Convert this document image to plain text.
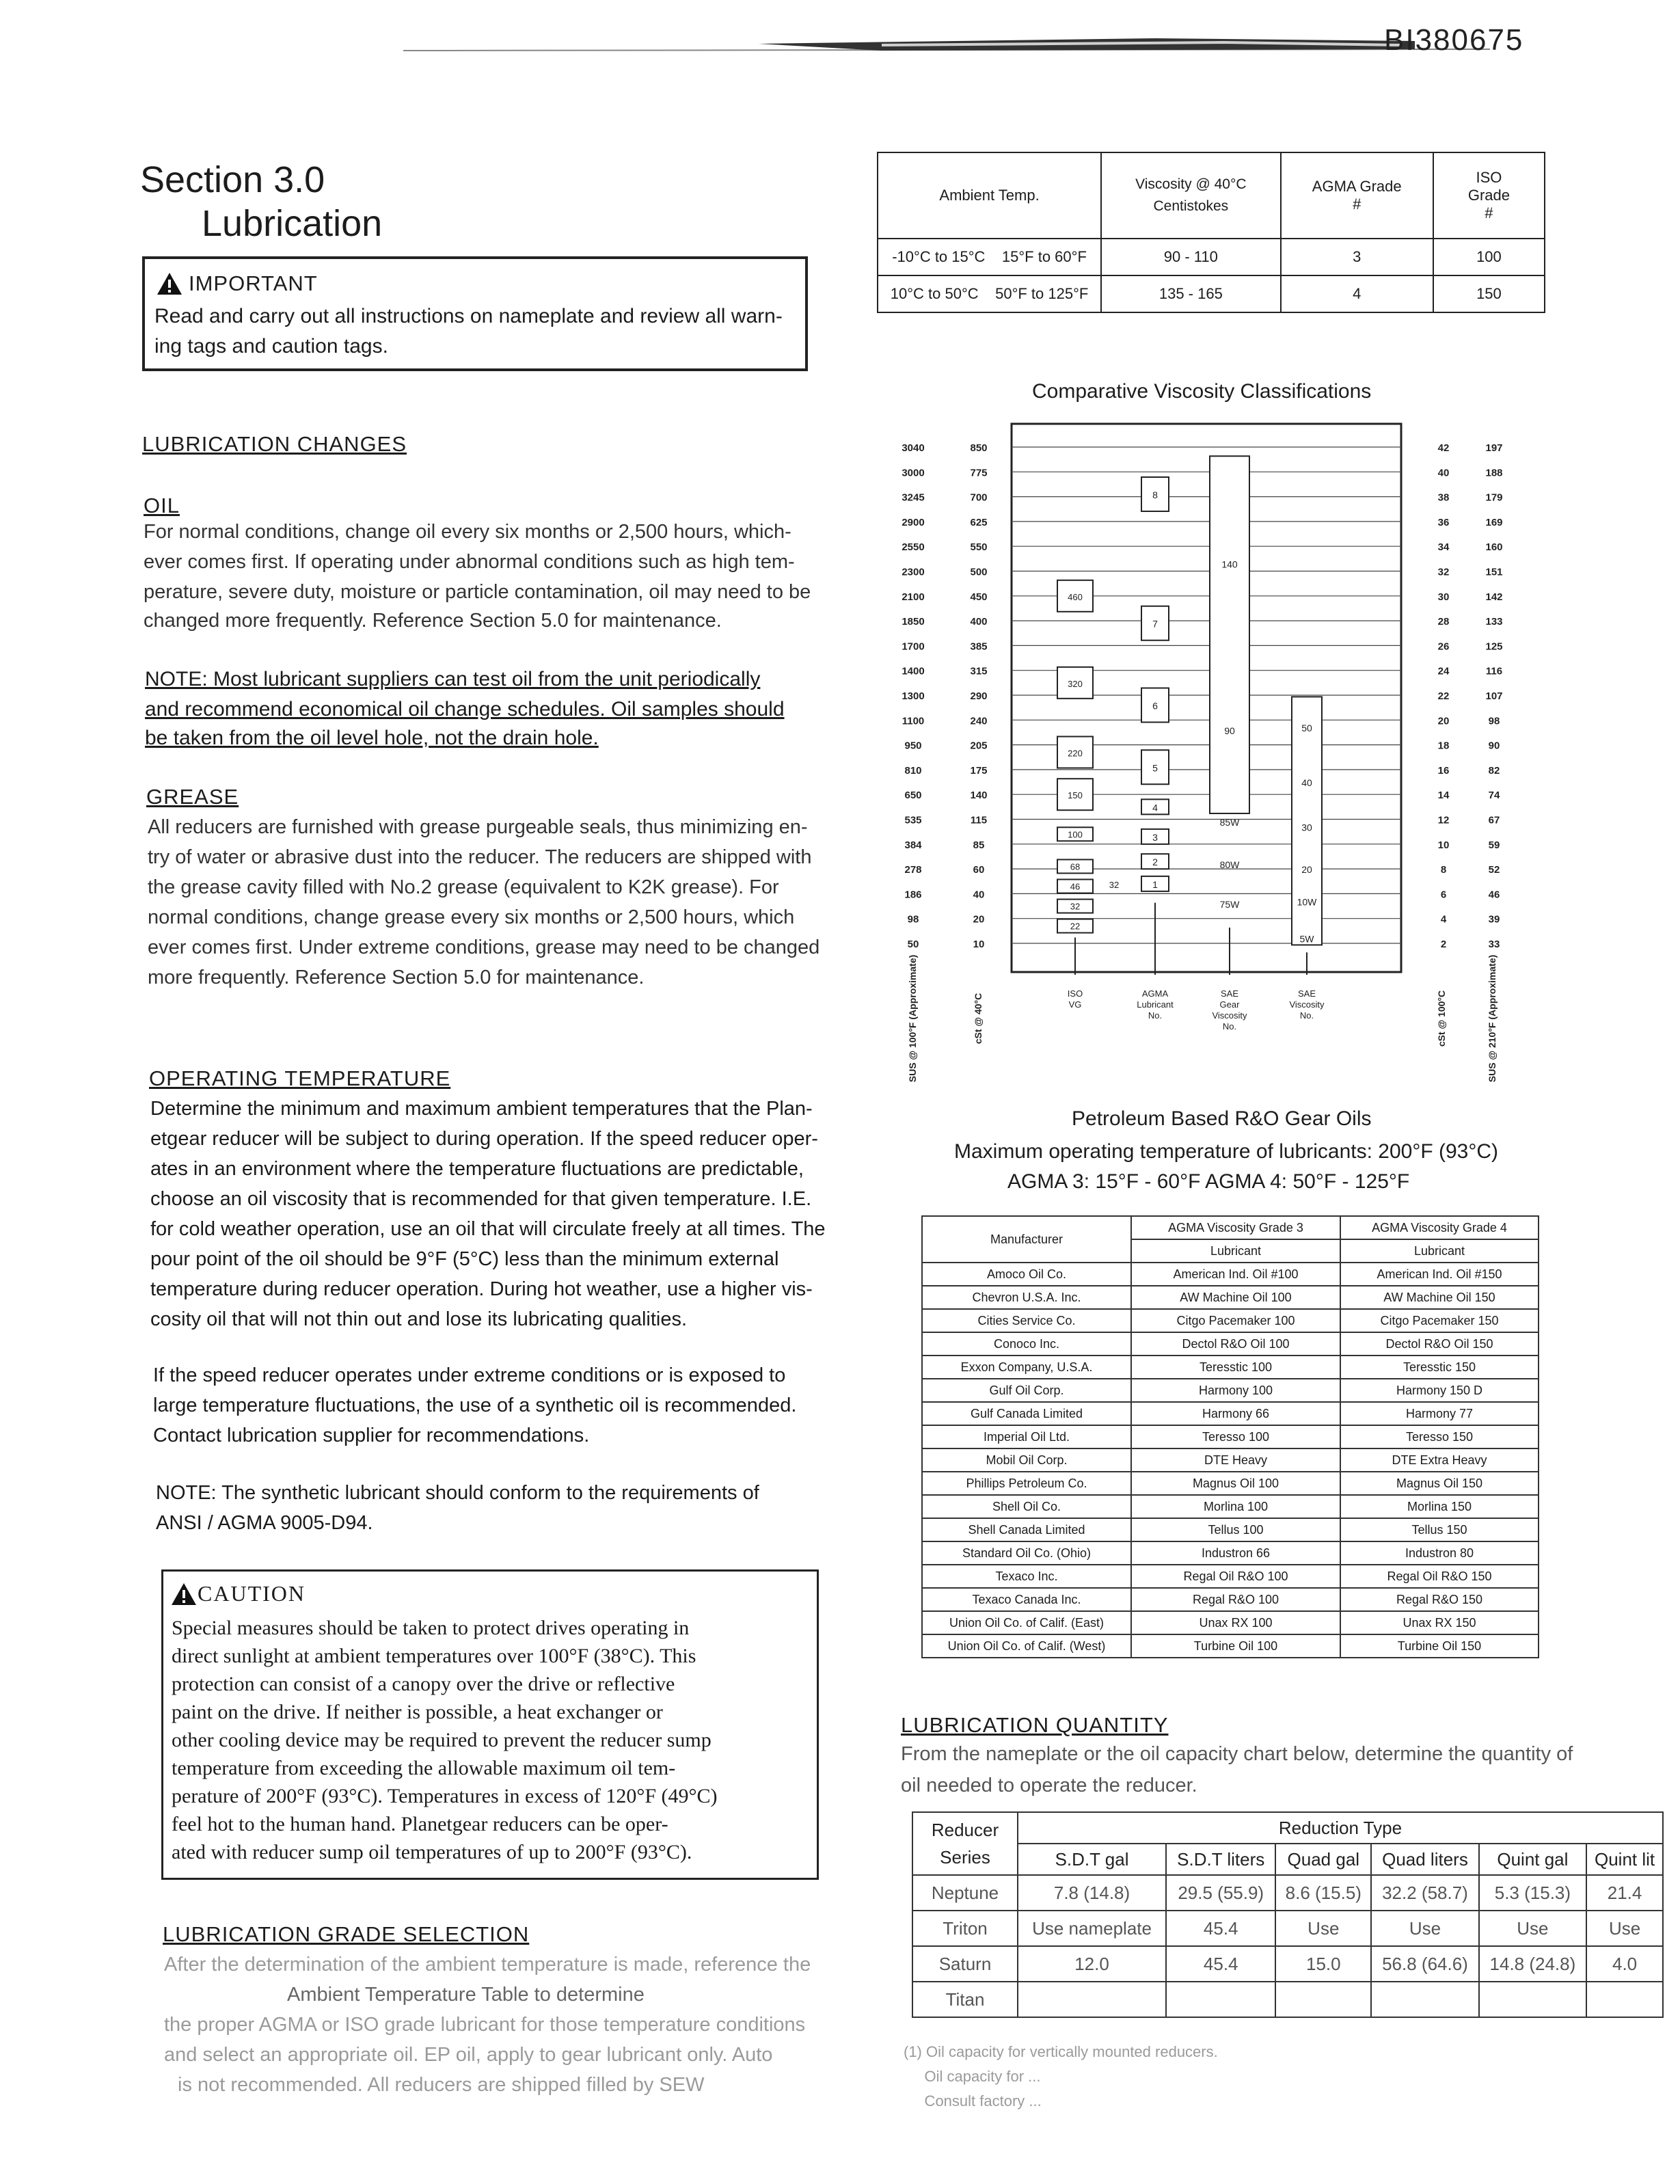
BI380675
Section 3.0
Lubrication
IMPORTANT
Read and carry out all instructions on nameplate and review all warn-
ing tags and caution tags.
LUBRICATION CHANGES
OIL
For normal conditions, change oil every six months or 2,500 hours, which-
ever comes first. If operating under abnormal conditions such as high tem-
perature, severe duty, moisture or particle contamination, oil may need to be
changed more frequently. Reference Section 5.0 for maintenance.
NOTE: Most lubricant suppliers can test oil from the unit periodically
and recommend economical oil change schedules. Oil samples should
be taken from the oil level hole, not the drain hole.
GREASE
All reducers are furnished with grease purgeable seals, thus minimizing en-
try of water or abrasive dust into the reducer. The reducers are shipped with
the grease cavity filled with No.2 grease (equivalent to K2K grease). For
normal conditions, change grease every six months or 2,500 hours, which
ever comes first. Under extreme conditions, grease may need to be changed
more frequently. Reference Section 5.0 for maintenance.
OPERATING TEMPERATURE
Determine the minimum and maximum ambient temperatures that the Plan-
etgear reducer will be subject to during operation. If the speed reducer oper-
ates in an environment where the temperature fluctuations are predictable,
choose an oil viscosity that is recommended for that given temperature. I.E.
for cold weather operation, use an oil that will circulate freely at all times. The
pour point of the oil should be 9°F (5°C) less than the minimum external
temperature during reducer operation. During hot weather, use a higher vis-
cosity oil that will not thin out and lose its lubricating qualities.
If the speed reducer operates under extreme conditions or is exposed to
large temperature fluctuations, the use of a synthetic oil is recommended.
Contact lubrication supplier for recommendations.
NOTE: The synthetic lubricant should conform to the requirements of
ANSI / AGMA 9005-D94.
CAUTION
Special measures should be taken to protect drives operating in
direct sunlight at ambient temperatures over 100°F (38°C). This
protection can consist of a canopy over the drive or reflective
paint on the drive. If neither is possible, a heat exchanger or
other cooling device may be required to prevent the reducer sump
temperature from exceeding the allowable maximum oil tem-
perature of 200°F (93°C). Temperatures in excess of 120°F (49°C)
feel hot to the human hand. Planetgear reducers can be oper-
ated with reducer sump oil temperatures of up to 200°F (93°C).
LUBRICATION GRADE SELECTION
After the determination of the ambient temperature is made, reference the
Ambient Temperature Table to determine
the proper AGMA or ISO grade lubricant for those temperature conditions
and select an appropriate oil. EP oil, apply to gear lubricant only. Auto
is not recommended. All reducers are shipped filled by SEW
Ambient Temp.	Viscosity @ 40°C Centistokes	AGMA Grade #	ISO Grade #
-10°C to 15°C 15°F to 60°F	90 - 110	3	100
10°C to 50°C 50°F to 125°F	135 - 165	4	150
Comparative Viscosity Classifications
3040
3000
3245
2900
2550
2300
2100
1850
1700
1400
1300
1100
950
810
650
535
384
278
186
98
50
850
775
700
625
550
500
450
400
385
315
290
240
205
175
140
115
85
60
40
20
10
42
40
38
36
34
32
30
28
26
24
22
20
18
16
14
12
10
8
6
4
2
197
188
179
169
160
151
142
133
125
116
107
98
90
82
74
67
59
52
46
39
33
460
320
220
150
100
68
46
32
22
8
7
6
5
4
3
2
1
32
140
90
85W
80W
75W
50
40
30
20
10W
5W
ISO VG
AGMA Lubricant No.
SAE Gear Viscosity No.
SAE Viscosity No.
SUS @ 100°F (Approximate)	cSt @ 40°C	cSt @ 100°C	SUS @ 210°F (Approximate)
Petroleum Based R&O Gear Oils
Maximum operating temperature of lubricants: 200°F (93°C)
AGMA 3: 15°F - 60°F AGMA 4: 50°F - 125°F
Manufacturer	AGMA Viscosity Grade 3	AGMA Viscosity Grade 4
	Lubricant	Lubricant
Amoco Oil Co.	American Ind. Oil #100	American Ind. Oil #150
Chevron U.S.A. Inc.	AW Machine Oil 100	AW Machine Oil 150
Cities Service Co.	Citgo Pacemaker 100	Citgo Pacemaker 150
Conoco Inc.	Dectol R&O Oil 100	Dectol R&O Oil 150
Exxon Company, U.S.A.	Teresstic 100	Teresstic 150
Gulf Oil Corp.	Harmony 100	Harmony 150 D
Gulf Canada Limited	Harmony 66	Harmony 77
Imperial Oil Ltd.	Teresso 100	Teresso 150
Mobil Oil Corp.	DTE Heavy	DTE Extra Heavy
Phillips Petroleum Co.	Magnus Oil 100	Magnus Oil 150
Shell Oil Co.	Morlina 100	Morlina 150
Shell Canada Limited	Tellus 100	Tellus 150
Standard Oil Co. (Ohio)	Industron 66	Industron 80
Texaco Inc.	Regal Oil R&O 100	Regal Oil R&O 150
Texaco Canada Inc.	Regal R&O 100	Regal R&O 150
Union Oil Co. of Calif. (East)	Unax RX 100	Unax RX 150
Union Oil Co. of Calif. (West)	Turbine Oil 100	Turbine Oil 150
LUBRICATION QUANTITY
From the nameplate or the oil capacity chart below, determine the quantity of
oil needed to operate the reducer.
Reducer Series	Reduction Type					
	S.D.T gal	S.D.T liters	Quad gal	Quad liters	Quint gal	Quint lit
Neptune	7.8 (14.8)	29.5 (55.9)	8.6 (15.5)	32.2 (58.7)	5.3 (15.3)	21.4
Triton	Use nameplate	45.4	Use	Use	Use	Use
Saturn	12.0	45.4	15.0	56.8 (64.6)	14.8 (24.8)	4.0
Titan						
(1) Oil capacity for vertically mounted reducers.
Oil capacity for ...
Consult factory ...
